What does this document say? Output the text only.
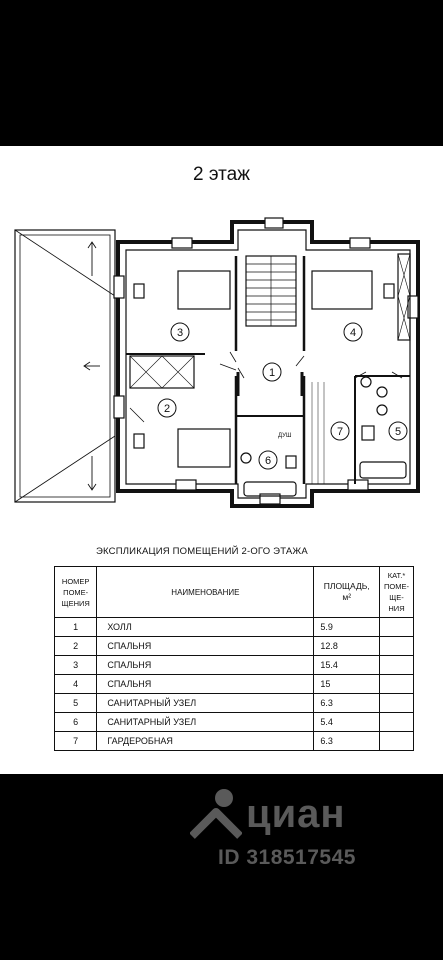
2 этаж
1
2
3	4
5
6
7
ДУШ
ЭКСПЛИКАЦИЯ ПОМЕЩЕНИЙ 2-ОГО ЭТАЖА
НОМЕР ПОМЕ- ЩЕНИЯ	НАИМЕНОВАНИЕ	ПЛОЩАДЬ, м²	КАТ.* ПОМЕ- ЩЕ- НИЯ
1	ХОЛЛ	5.9	
2	СПАЛЬНЯ	12.8	
3	СПАЛЬНЯ	15.4	
4	СПАЛЬНЯ	15	
5	САНИТАРНЫЙ УЗЕЛ	6.3	
6	САНИТАРНЫЙ УЗЕЛ	5.4	
7	ГАРДЕРОБНАЯ	6.3	
циан
ID 318517545
